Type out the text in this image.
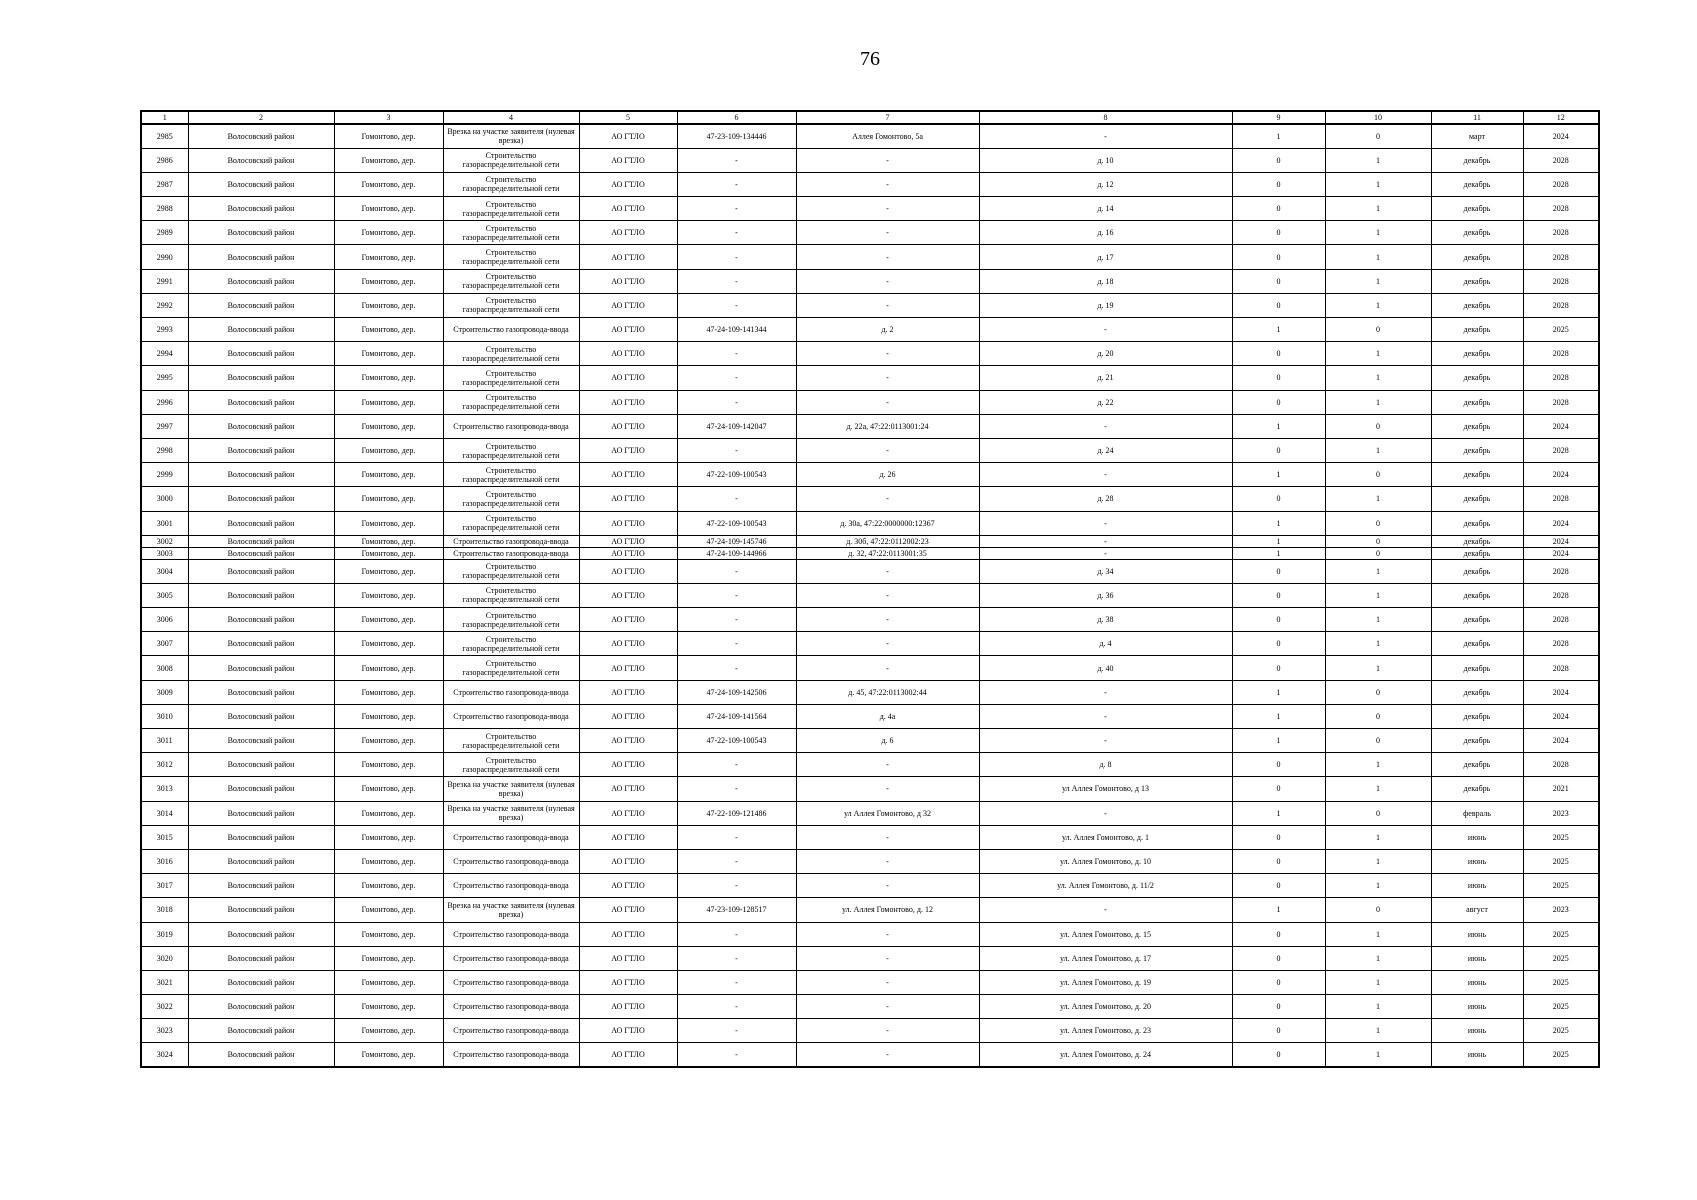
76
1	2	3	4	5	6	7	8	9	10	11	12
2985	Волосовский район	Гомонтово, дер.	Врезка на участке заявителя (нулевая врезка)	АО ГТЛО	47-23-109-134446	Аллея Гомонтово, 5а	-	1	0	март	2024
2986	Волосовский район	Гомонтово, дер.	Строительство газораспределительной сети	АО ГТЛО	-	-	д. 10	0	1	декабрь	2028
2987	Волосовский район	Гомонтово, дер.	Строительство газораспределительной сети	АО ГТЛО	-	-	д. 12	0	1	декабрь	2028
2988	Волосовский район	Гомонтово, дер.	Строительство газораспределительной сети	АО ГТЛО	-	-	д. 14	0	1	декабрь	2028
2989	Волосовский район	Гомонтово, дер.	Строительство газораспределительной сети	АО ГТЛО	-	-	д. 16	0	1	декабрь	2028
2990	Волосовский район	Гомонтово, дер.	Строительство газораспределительной сети	АО ГТЛО	-	-	д. 17	0	1	декабрь	2028
2991	Волосовский район	Гомонтово, дер.	Строительство газораспределительной сети	АО ГТЛО	-	-	д. 18	0	1	декабрь	2028
2992	Волосовский район	Гомонтово, дер.	Строительство газораспределительной сети	АО ГТЛО	-	-	д. 19	0	1	декабрь	2028
2993	Волосовский район	Гомонтово, дер.	Строительство газопровода-ввода	АО ГТЛО	47-24-109-141344	д. 2	-	1	0	декабрь	2025
2994	Волосовский район	Гомонтово, дер.	Строительство газораспределительной сети	АО ГТЛО	-	-	д. 20	0	1	декабрь	2028
2995	Волосовский район	Гомонтово, дер.	Строительство газораспределительной сети	АО ГТЛО	-	-	д. 21	0	1	декабрь	2028
2996	Волосовский район	Гомонтово, дер.	Строительство газораспределительной сети	АО ГТЛО	-	-	д. 22	0	1	декабрь	2028
2997	Волосовский район	Гомонтово, дер.	Строительство газопровода-ввода	АО ГТЛО	47-24-109-142047	д. 22а, 47:22:0113001:24	-	1	0	декабрь	2024
2998	Волосовский район	Гомонтово, дер.	Строительство газораспределительной сети	АО ГТЛО	-	-	д. 24	0	1	декабрь	2028
2999	Волосовский район	Гомонтово, дер.	Строительство газораспределительной сети	АО ГТЛО	47-22-109-100543	д. 26	-	1	0	декабрь	2024
3000	Волосовский район	Гомонтово, дер.	Строительство газораспределительной сети	АО ГТЛО	-	-	д. 28	0	1	декабрь	2028
3001	Волосовский район	Гомонтово, дер.	Строительство газораспределительной сети	АО ГТЛО	47-22-109-100543	д. 30а, 47:22:0000000:12367	-	1	0	декабрь	2024
3002	Волосовский район	Гомонтово, дер.	Строительство газопровода-ввода	АО ГТЛО	47-24-109-145746	д. 30б, 47:22:0112002:23	-	1	0	декабрь	2024
3003	Волосовский район	Гомонтово, дер.	Строительство газопровода-ввода	АО ГТЛО	47-24-109-144966	д. 32, 47:22:0113001:35	-	1	0	декабрь	2024
3004	Волосовский район	Гомонтово, дер.	Строительство газораспределительной сети	АО ГТЛО	-	-	д. 34	0	1	декабрь	2028
3005	Волосовский район	Гомонтово, дер.	Строительство газораспределительной сети	АО ГТЛО	-	-	д. 36	0	1	декабрь	2028
3006	Волосовский район	Гомонтово, дер.	Строительство газораспределительной сети	АО ГТЛО	-	-	д. 38	0	1	декабрь	2028
3007	Волосовский район	Гомонтово, дер.	Строительство газораспределительной сети	АО ГТЛО	-	-	д. 4	0	1	декабрь	2028
3008	Волосовский район	Гомонтово, дер.	Строительство газораспределительной сети	АО ГТЛО	-	-	д. 40	0	1	декабрь	2028
3009	Волосовский район	Гомонтово, дер.	Строительство газопровода-ввода	АО ГТЛО	47-24-109-142506	д. 45, 47:22:0113002:44	-	1	0	декабрь	2024
3010	Волосовский район	Гомонтово, дер.	Строительство газопровода-ввода	АО ГТЛО	47-24-109-141564	д. 4а	-	1	0	декабрь	2024
3011	Волосовский район	Гомонтово, дер.	Строительство газораспределительной сети	АО ГТЛО	47-22-109-100543	д. 6	-	1	0	декабрь	2024
3012	Волосовский район	Гомонтово, дер.	Строительство газораспределительной сети	АО ГТЛО	-	-	д. 8	0	1	декабрь	2028
3013	Волосовский район	Гомонтово, дер.	Врезка на участке заявителя (нулевая врезка)	АО ГТЛО	-	-	ул Аллея Гомонтово, д 13	0	1	декабрь	2021
3014	Волосовский район	Гомонтово, дер.	Врезка на участке заявителя (нулевая врезка)	АО ГТЛО	47-22-109-121486	ул Аллея Гомонтово, д 32	-	1	0	февраль	2023
3015	Волосовский район	Гомонтово, дер.	Строительство газопровода-ввода	АО ГТЛО	-	-	ул. Аллея Гомонтово, д. 1	0	1	июнь	2025
3016	Волосовский район	Гомонтово, дер.	Строительство газопровода-ввода	АО ГТЛО	-	-	ул. Аллея Гомонтово, д. 10	0	1	июнь	2025
3017	Волосовский район	Гомонтово, дер.	Строительство газопровода-ввода	АО ГТЛО	-	-	ул. Аллея Гомонтово, д. 11/2	0	1	июнь	2025
3018	Волосовский район	Гомонтово, дер.	Врезка на участке заявителя (нулевая врезка)	АО ГТЛО	47-23-109-128517	ул. Аллея Гомонтово, д. 12	-	1	0	август	2023
3019	Волосовский район	Гомонтово, дер.	Строительство газопровода-ввода	АО ГТЛО	-	-	ул. Аллея Гомонтово, д. 15	0	1	июнь	2025
3020	Волосовский район	Гомонтово, дер.	Строительство газопровода-ввода	АО ГТЛО	-	-	ул. Аллея Гомонтово, д. 17	0	1	июнь	2025
3021	Волосовский район	Гомонтово, дер.	Строительство газопровода-ввода	АО ГТЛО	-	-	ул. Аллея Гомонтово, д. 19	0	1	июнь	2025
3022	Волосовский район	Гомонтово, дер.	Строительство газопровода-ввода	АО ГТЛО	-	-	ул. Аллея Гомонтово, д. 20	0	1	июнь	2025
3023	Волосовский район	Гомонтово, дер.	Строительство газопровода-ввода	АО ГТЛО	-	-	ул. Аллея Гомонтово, д. 23	0	1	июнь	2025
3024	Волосовский район	Гомонтово, дер.	Строительство газопровода-ввода	АО ГТЛО	-	-	ул. Аллея Гомонтово, д. 24	0	1	июнь	2025
